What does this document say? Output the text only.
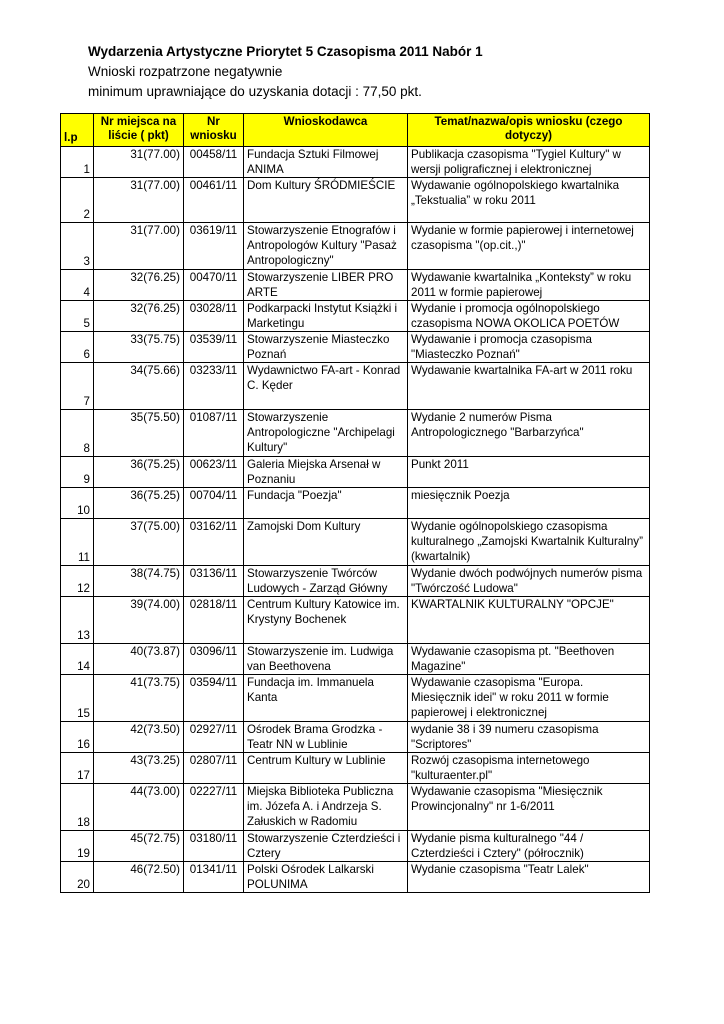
Wydarzenia Artystyczne Priorytet 5 Czasopisma 2011 Nabór 1
Wnioski rozpatrzone negatywnie
minimum uprawniające do uzyskania dotacji : 77,50 pkt.
l.p	Nr miejsca na liście ( pkt)	Nr wniosku	Wnioskodawca	Temat/nazwa/opis wniosku (czego dotyczy)
1	31(77.00)	00458/11	Fundacja Sztuki Filmowej ANIMA	Publikacja czasopisma "Tygiel Kultury" w wersji poligraficznej i elektronicznej
2	31(77.00)	00461/11	Dom Kultury ŚRÓDMIEŚCIE	Wydawanie ogólnopolskiego kwartalnika „Tekstualia” w roku 2011
3	31(77.00)	03619/11	Stowarzyszenie Etnografów i Antropologów Kultury "Pasaż Antropologiczny"	Wydanie w formie papierowej i internetowej czasopisma "(op.cit.,)"
4	32(76.25)	00470/11	Stowarzyszenie LIBER PRO ARTE	Wydawanie kwartalnika „Konteksty” w roku 2011 w formie papierowej
5	32(76.25)	03028/11	Podkarpacki Instytut Książki i Marketingu	Wydanie i promocja ogólnopolskiego czasopisma NOWA OKOLICA POETÓW
6	33(75.75)	03539/11	Stowarzyszenie Miasteczko Poznań	Wydawanie i promocja czasopisma "Miasteczko Poznań"
7	34(75.66)	03233/11	Wydawnictwo FA-art - Konrad C. Kęder	Wydawanie kwartalnika FA-art w 2011 roku
8	35(75.50)	01087/11	Stowarzyszenie Antropologiczne "Archipelagi Kultury"	Wydanie 2 numerów Pisma Antropologicznego "Barbarzyńca"
9	36(75.25)	00623/11	Galeria Miejska Arsenał w Poznaniu	Punkt 2011
10	36(75.25)	00704/11	Fundacja "Poezja"	miesięcznik Poezja
11	37(75.00)	03162/11	Zamojski Dom Kultury	Wydanie ogólnopolskiego czasopisma kulturalnego „Zamojski Kwartalnik Kulturalny” (kwartalnik)
12	38(74.75)	03136/11	Stowarzyszenie Twórców Ludowych - Zarząd Główny	Wydanie dwóch podwójnych numerów pisma "Twórczość Ludowa"
13	39(74.00)	02818/11	Centrum Kultury Katowice im. Krystyny Bochenek	KWARTALNIK KULTURALNY "OPCJE"
14	40(73.87)	03096/11	Stowarzyszenie im. Ludwiga van Beethovena	Wydawanie czasopisma pt. "Beethoven Magazine"
15	41(73.75)	03594/11	Fundacja im. Immanuela Kanta	Wydawanie czasopisma "Europa. Miesięcznik idei" w roku 2011 w formie papierowej i elektronicznej
16	42(73.50)	02927/11	Ośrodek Brama Grodzka - Teatr NN w Lublinie	wydanie 38 i 39 numeru czasopisma "Scriptores"
17	43(73.25)	02807/11	Centrum Kultury w Lublinie	Rozwój czasopisma internetowego "kulturaenter.pl"
18	44(73.00)	02227/11	Miejska Biblioteka Publiczna im. Józefa A. i Andrzeja S. Załuskich w Radomiu	Wydawanie czasopisma "Miesięcznik Prowincjonalny" nr 1-6/2011
19	45(72.75)	03180/11	Stowarzyszenie Czterdzieści i Cztery	Wydanie pisma kulturalnego "44 / Czterdzieści i Cztery" (półrocznik)
20	46(72.50)	01341/11	Polski Ośrodek Lalkarski POLUNIMA	Wydanie czasopisma "Teatr Lalek"
